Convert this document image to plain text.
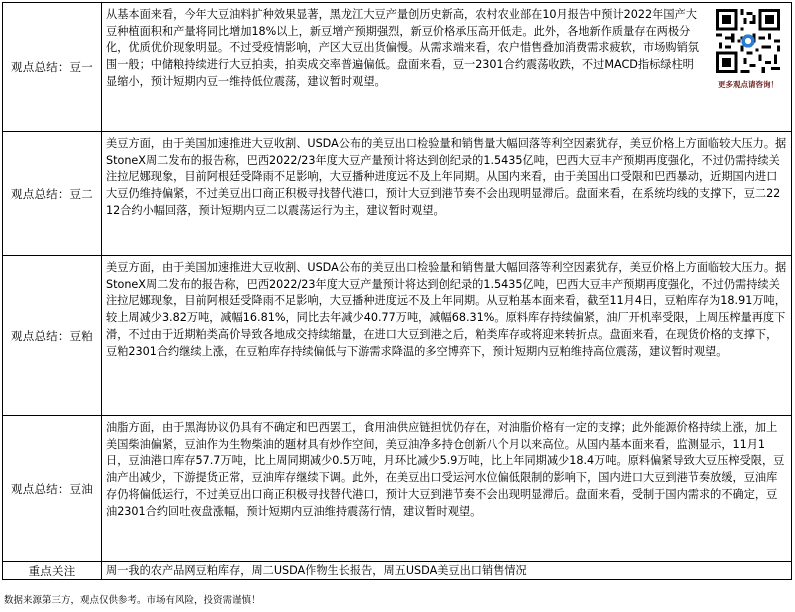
观点总结：豆一	从基本面来看，今年大豆油料扩种效果显著，黑龙江大豆产量创历史新高，农村农业部在10月报告中预计2022年国产大豆种植面积和产量将同比增加18%以上，新豆增产预期强烈，新豆价格承压高开低走。此外，各地新作质量存在两极分化，优质优价现象明显。不过受疫情影响，产区大豆出货偏慢。从需求端来看，农户惜售叠加消费需求疲软，市场购销氛围一般；中储粮持续进行大豆拍卖，拍卖成交率普遍偏低。盘面来看，豆一2301合约震荡收跌，不过MACD指标绿柱明显缩小，预计短期内豆一维持低位震荡，建议暂时观望。 更多观点请咨询！

观点总结：豆二	美豆方面，由于美国加速推进大豆收割、USDA公布的美豆出口检验量和销售量大幅回落等利空因素犹存，美豆价格上方面临较大压力。据StoneX周二发布的报告称，巴西2022/23年度大豆产量预计将达到创纪录的1.5435亿吨，巴西大豆丰产预期再度强化，不过仍需持续关注拉尼娜现象，目前阿根廷受降雨不足影响，大豆播种进度远不及上年同期。从国内来看，由于美国出口受限和巴西暴动，近期国内进口大豆仍维持偏紧，不过美豆出口商正积极寻找替代港口，预计大豆到港节奏不会出现明显滞后。盘面来看，在系统均线的支撑下，豆二2212合约小幅回落，预计短期内豆二以震荡运行为主，建议暂时观望。
观点总结：豆粕	美豆方面，由于美国加速推进大豆收割、USDA公布的美豆出口检验量和销售量大幅回落等利空因素犹存，美豆价格上方面临较大压力。据StoneX周二发布的报告称，巴西2022/23年度大豆产量预计将达到创纪录的1.5435亿吨，巴西大豆丰产预期再度强化，不过仍需持续关注拉尼娜现象，目前阿根廷受降雨不足影响，大豆播种进度远不及上年同期。从豆粕基本面来看，截至11月4日，豆粕库存为18.91万吨，较上周减少3.82万吨，减幅16.81%，同比去年减少40.77万吨，减幅68.31%。原料库存持续偏紧，油厂开机率受限，上周压榨量再度下滑，不过由于近期粕类高价导致各地成交持续缩量，在进口大豆到港之后，粕类库存或将迎来转折点。盘面来看，在现货价格的支撑下，豆粕2301合约继续上涨，在豆粕库存持续偏低与下游需求降温的多空博弈下，预计短期内豆粕维持高位震荡，建议暂时观望。
观点总结：豆油	油脂方面，由于黑海协议仍具有不确定和巴西罢工，食用油供应链担忧仍存在，对油脂价格有一定的支撑；此外能源价格持续上涨，加上美国柴油偏紧，豆油作为生物柴油的题材具有炒作空间，美豆油净多持仓创新八个月以来高位。从国内基本面来看，监测显示，11月1日，豆油港口库存57.7万吨，比上周同期减少0.5万吨，月环比减少5.9万吨，比上年同期减少18.4万吨。原料偏紧导致大豆压榨受限，豆油产出减少，下游提货正常，豆油库存继续下调。此外，在美豆出口受运河水位偏低限制的影响下，国内进口大豆到港节奏放缓，豆油库存仍将偏低运行，不过美豆出口商正积极寻找替代港口，预计大豆到港节奏不会出现明显滞后。盘面来看，受制于国内需求的不确定，豆油2301合约回吐夜盘涨幅，预计短期内豆油维持震荡行情，建议暂时观望。
重点关注	周一我的农产品网豆粕库存，周二USDA作物生长报告，周五USDA美豆出口销售情况
数据来源第三方，观点仅供参考。市场有风险，投资需谨慎！
